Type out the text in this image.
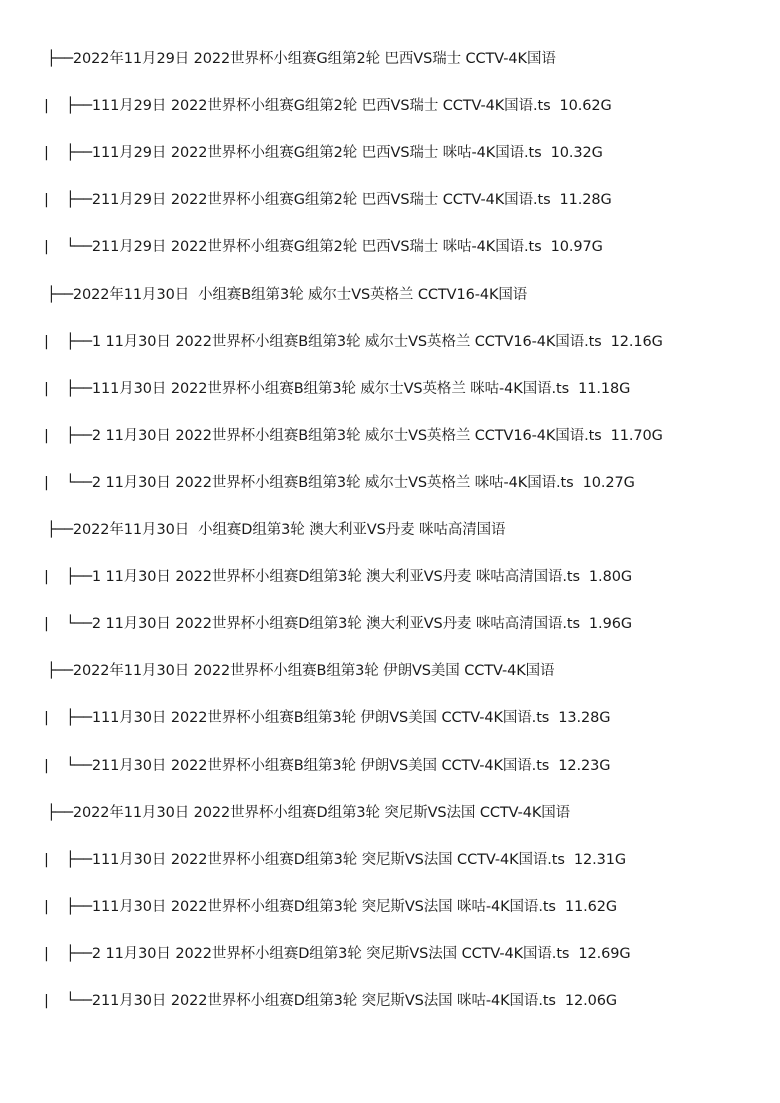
├──2022年11月29日 2022世界杯小组赛G组第2轮 巴西VS瑞士 CCTV-4K国语
| ├──111月29日 2022世界杯小组赛G组第2轮 巴西VS瑞士 CCTV-4K国语.ts  10.62G
| ├──111月29日 2022世界杯小组赛G组第2轮 巴西VS瑞士 咪咕-4K国语.ts  10.32G
| ├──211月29日 2022世界杯小组赛G组第2轮 巴西VS瑞士 CCTV-4K国语.ts  11.28G
| └──211月29日 2022世界杯小组赛G组第2轮 巴西VS瑞士 咪咕-4K国语.ts  10.97G
├──2022年11月30日  小组赛B组第3轮 威尔士VS英格兰 CCTV16-4K国语
| ├──1 11月30日 2022世界杯小组赛B组第3轮 威尔士VS英格兰 CCTV16-4K国语.ts  12.16G
| ├──111月30日 2022世界杯小组赛B组第3轮 威尔士VS英格兰 咪咕-4K国语.ts  11.18G
| ├──2 11月30日 2022世界杯小组赛B组第3轮 威尔士VS英格兰 CCTV16-4K国语.ts  11.70G
| └──2 11月30日 2022世界杯小组赛B组第3轮 威尔士VS英格兰 咪咕-4K国语.ts  10.27G
├──2022年11月30日  小组赛D组第3轮 澳大利亚VS丹麦 咪咕高清国语
| ├──1 11月30日 2022世界杯小组赛D组第3轮 澳大利亚VS丹麦 咪咕高清国语.ts  1.80G
| └──2 11月30日 2022世界杯小组赛D组第3轮 澳大利亚VS丹麦 咪咕高清国语.ts  1.96G
├──2022年11月30日 2022世界杯小组赛B组第3轮 伊朗VS美国 CCTV-4K国语
| ├──111月30日 2022世界杯小组赛B组第3轮 伊朗VS美国 CCTV-4K国语.ts  13.28G
| └──211月30日 2022世界杯小组赛B组第3轮 伊朗VS美国 CCTV-4K国语.ts  12.23G
├──2022年11月30日 2022世界杯小组赛D组第3轮 突尼斯VS法国 CCTV-4K国语
| ├──111月30日 2022世界杯小组赛D组第3轮 突尼斯VS法国 CCTV-4K国语.ts  12.31G
| ├──111月30日 2022世界杯小组赛D组第3轮 突尼斯VS法国 咪咕-4K国语.ts  11.62G
| ├──2 11月30日 2022世界杯小组赛D组第3轮 突尼斯VS法国 CCTV-4K国语.ts  12.69G
| └──211月30日 2022世界杯小组赛D组第3轮 突尼斯VS法国 咪咕-4K国语.ts  12.06G
